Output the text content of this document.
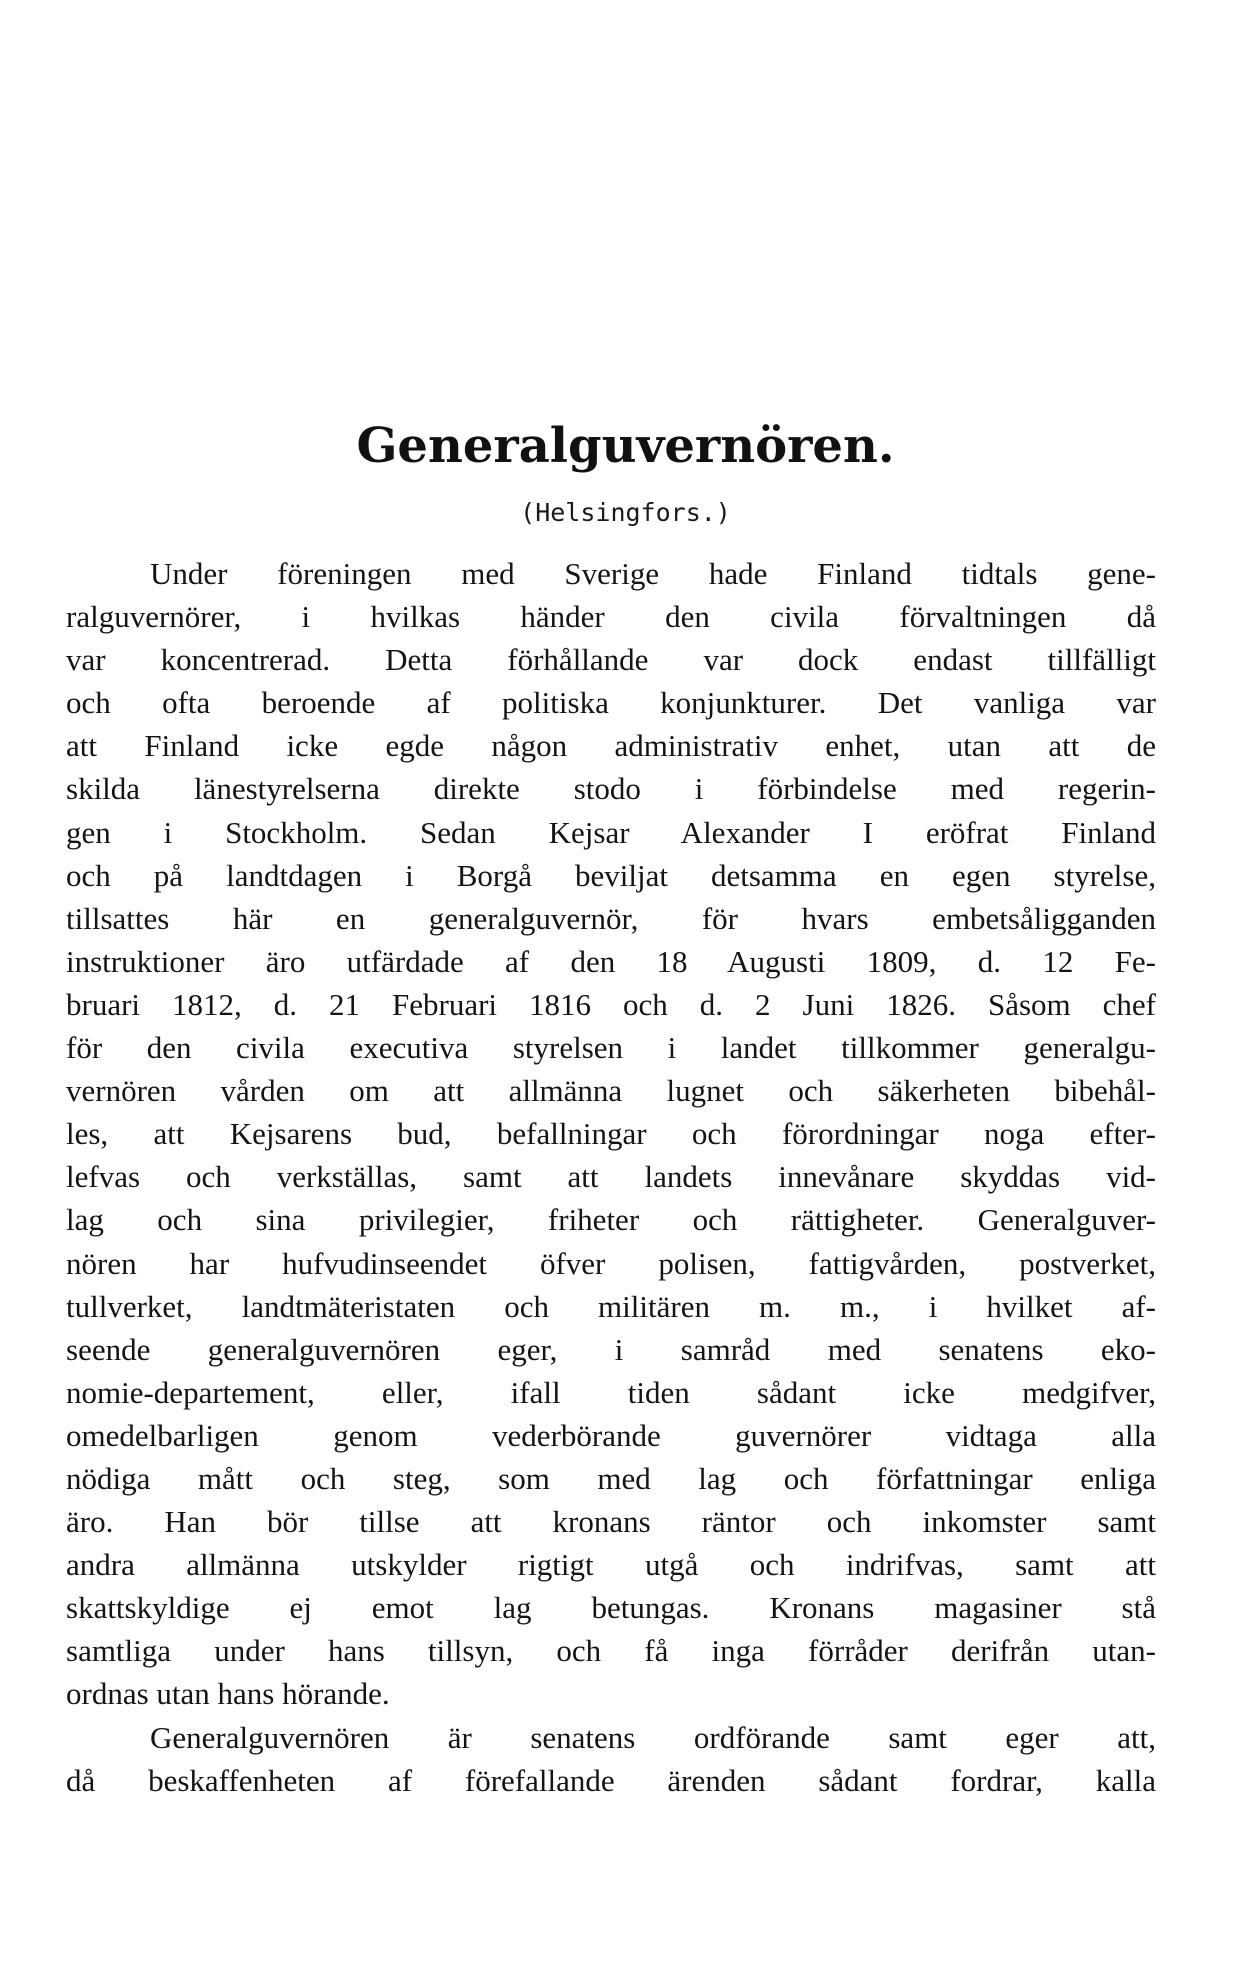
Generalguvernören.
(Helsingfors.)
Under föreningen med Sverige hade Finland tidtals gene-
ralguvernörer, i hvilkas händer den civila förvaltningen då
var koncentrerad. Detta förhållande var dock endast tillfälligt
och ofta beroende af politiska konjunkturer. Det vanliga var
att Finland icke egde någon administrativ enhet, utan att de
skilda länestyrelserna direkte stodo i förbindelse med regerin-
gen i Stockholm. Sedan Kejsar Alexander I eröfrat Finland
och på landtdagen i Borgå beviljat detsamma en egen styrelse,
tillsattes här en generalguvernör, för hvars embetsåligganden
instruktioner äro utfärdade af den 18 Augusti 1809, d. 12 Fe-
bruari 1812, d. 21 Februari 1816 och d. 2 Juni 1826. Såsom chef
för den civila executiva styrelsen i landet tillkommer generalgu-
vernören vården om att allmänna lugnet och säkerheten bibehål-
les, att Kejsarens bud, befallningar och förordningar noga efter-
lefvas och verkställas, samt att landets innevånare skyddas vid-
lag och sina privilegier, friheter och rättigheter. Generalguver-
nören har hufvudinseendet öfver polisen, fattigvården, postverket,
tullverket, landtmäteristaten och militären m. m., i hvilket af-
seende generalguvernören eger, i samråd med senatens eko-
nomie-departement, eller, ifall tiden sådant icke medgifver,
omedelbarligen genom vederbörande guvernörer vidtaga alla
nödiga mått och steg, som med lag och författningar enliga
äro. Han bör tillse att kronans räntor och inkomster samt
andra allmänna utskylder rigtigt utgå och indrifvas, samt att
skattskyldige ej emot lag betungas. Kronans magasiner stå
samtliga under hans tillsyn, och få inga förråder derifrån utan-
ordnas utan hans hörande.
Generalguvernören är senatens ordförande samt eger att,
då beskaffenheten af förefallande ärenden sådant fordrar, kalla
